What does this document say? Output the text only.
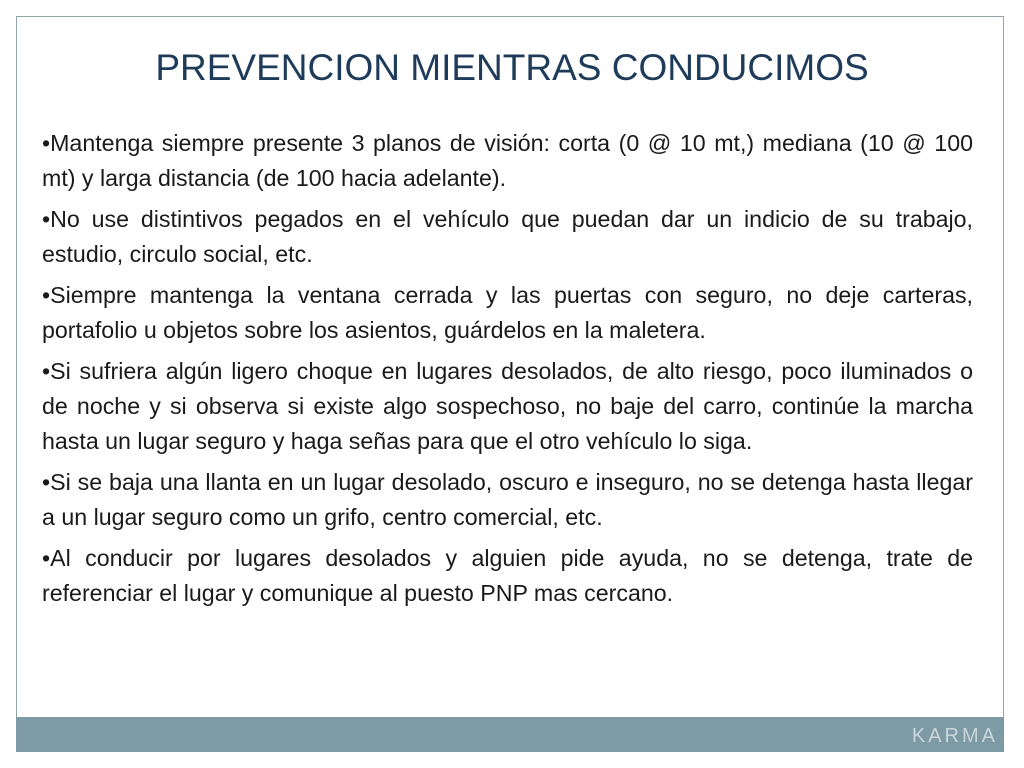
PREVENCION MIENTRAS CONDUCIMOS

•Mantenga siempre presente 3 planos de visión: corta (0 @ 10 mt,) mediana (10 @ 100 mt) y larga distancia (de 100 hacia adelante).

•No use distintivos pegados en el vehículo que puedan dar un indicio de su trabajo, estudio, circulo social, etc.

•Siempre mantenga la ventana cerrada y las puertas con seguro, no deje carteras, portafolio u objetos sobre los asientos, guárdelos en la maletera.

•Si sufriera algún ligero choque en lugares desolados, de alto riesgo, poco iluminados o de noche y si observa si existe algo sospechoso, no baje del carro, continúe la marcha hasta un lugar seguro y haga señas para que el otro vehículo lo siga.

•Si se baja una llanta en un lugar desolado, oscuro e inseguro, no se detenga hasta llegar a un lugar seguro como un grifo, centro comercial, etc.

•Al conducir por lugares desolados y alguien pide ayuda, no se detenga, trate de referenciar el lugar y comunique al puesto PNP mas cercano.

KARMA
